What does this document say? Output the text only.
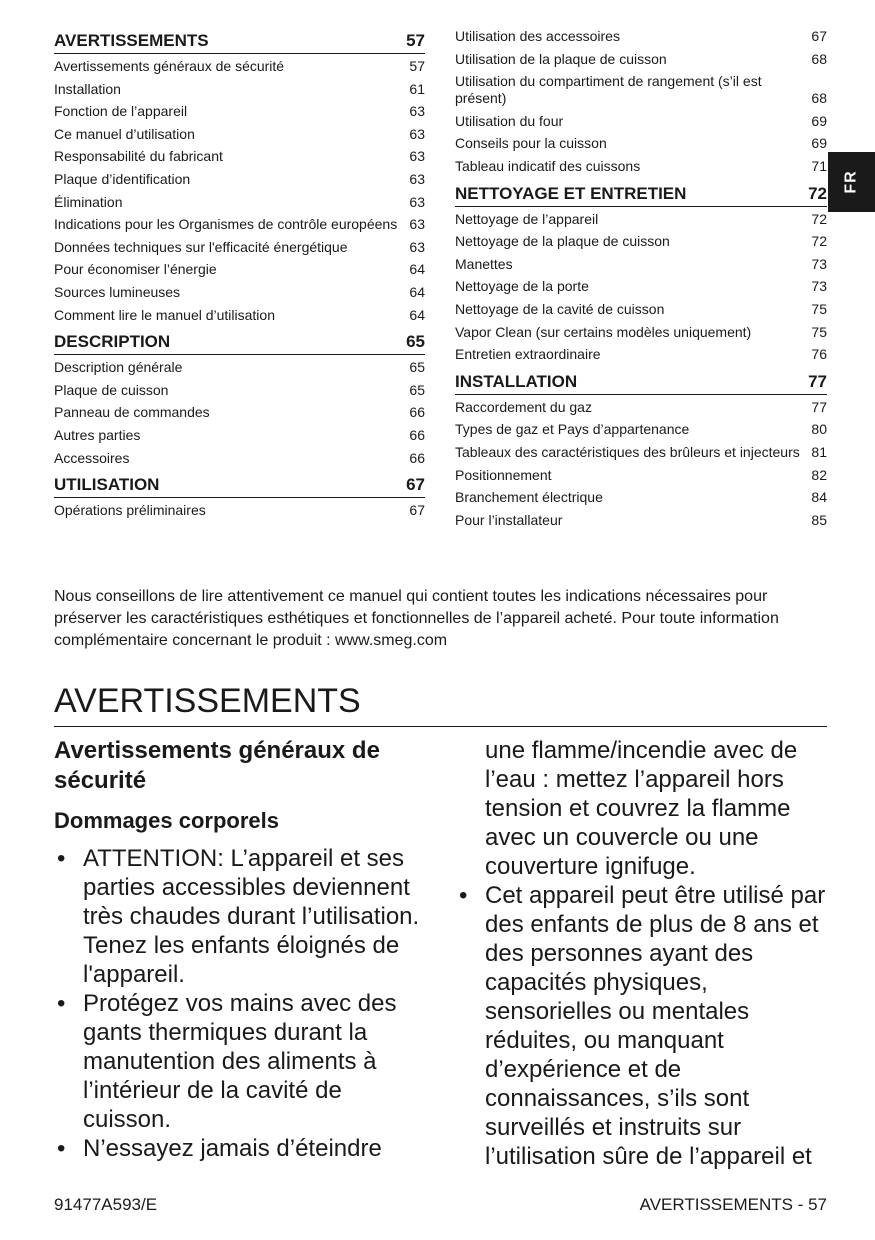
AVERTISSEMENTS	57
Avertissements généraux de sécurité	57
Installation	61
Fonction de l’appareil	63
Ce manuel d’utilisation	63
Responsabilité du fabricant	63
Plaque d’identification	63
Élimination	63
Indications pour les Organismes de contrôle européens 63
Données techniques sur l'efficacité énergétique	63
Pour économiser l’énergie	64
Sources lumineuses	64
Comment lire le manuel d’utilisation	64
DESCRIPTION	65
Description générale	65
Plaque de cuisson	65
Panneau de commandes	66
Autres parties	66
Accessoires	66
UTILISATION	67
Opérations préliminaires	67
Utilisation des accessoires	67
Utilisation de la plaque de cuisson	68
Utilisation du compartiment de rangement (s’il est présent)	68
Utilisation du four	69
Conseils pour la cuisson	69
Tableau indicatif des cuissons	71
NETTOYAGE ET ENTRETIEN	72
Nettoyage de l’appareil	72
Nettoyage de la plaque de cuisson	72
Manettes	73
Nettoyage de la porte	73
Nettoyage de la cavité de cuisson	75
Vapor Clean (sur certains modèles uniquement)	75
Entretien extraordinaire	76
INSTALLATION	77
Raccordement du gaz	77
Types de gaz et Pays d’appartenance	80
Tableaux des caractéristiques des brûleurs et injecteurs 81
Positionnement	82
Branchement électrique	84
Pour l’installateur	85
FR

Nous conseillons de lire attentivement ce manuel qui contient toutes les indications nécessaires pour préserver les caractéristiques esthétiques et fonctionnelles de l’appareil acheté. Pour toute information complémentaire concernant le produit : www.smeg.com

AVERTISSEMENTS
Avertissements généraux de sécurité
Dommages corporels
• ATTENTION: L’appareil et ses parties accessibles deviennent très chaudes durant l’utilisation. Tenez les enfants éloignés de l'appareil.
• Protégez vos mains avec des gants thermiques durant la manutention des aliments à l’intérieur de la cavité de cuisson.
• N’essayez jamais d’éteindre
une flamme/incendie avec de l’eau : mettez l’appareil hors tension et couvrez la flamme avec un couvercle ou une couverture ignifuge.
• Cet appareil peut être utilisé par des enfants de plus de 8 ans et des personnes ayant des capacités physiques, sensorielles ou mentales réduites, ou manquant d’expérience et de connaissances, s’ils sont surveillés et instruits sur l’utilisation sûre de l’appareil et
91477A593/E	AVERTISSEMENTS - 57
